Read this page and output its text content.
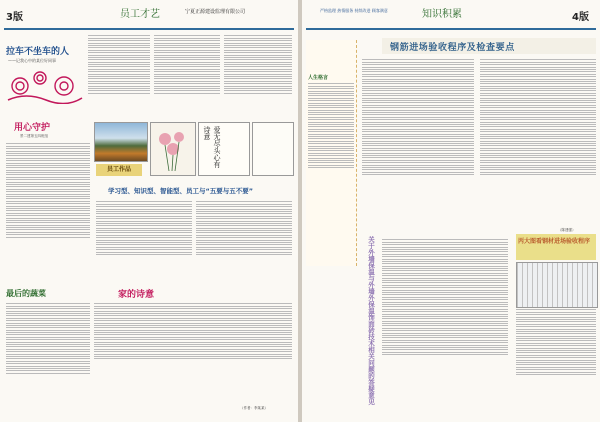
3版	员工才艺	宁夏正源建设监理有限公司
拉车不坐车的人
——记我心中的某位好同事
用心守护
景二建第五四班组	爱无尽头心有诗意
员工作品
学习型、知识型、智能型、员工与“五要与五不要”
最后的蔬菜	家的诗意
（作者：李某某）
严格监理 热情服务 持续改进 顾客满意	知识积累	4版
人生格言
钢筋进场验收程序及检查要点
（陈建强）
关于外墙保温与外墙外保温饰面砖技术相关问题的答疑意见	丙大图看钢材进场验收程序
